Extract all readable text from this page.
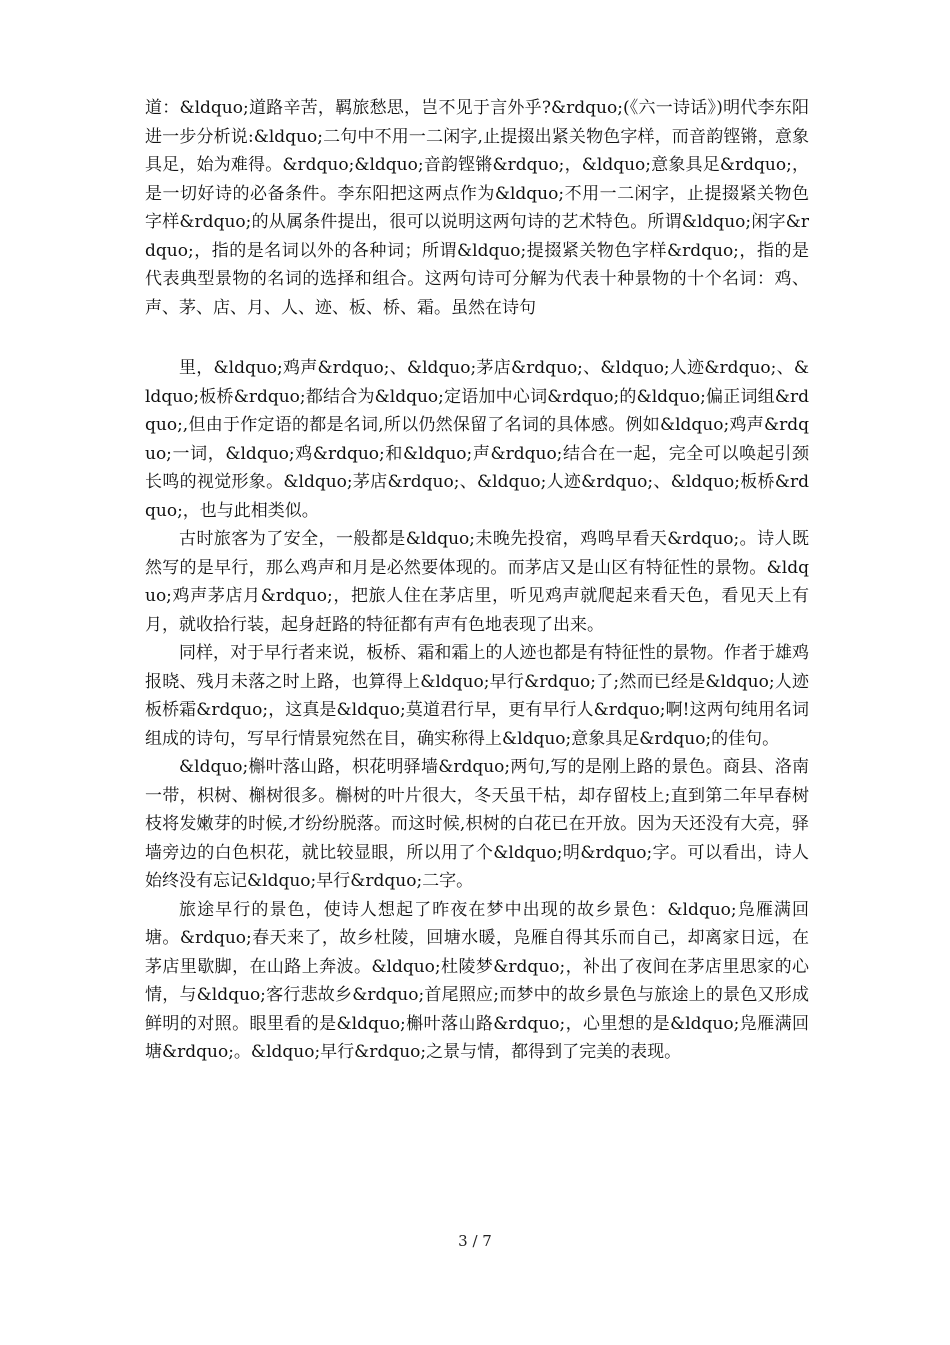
道：&ldquo;道路辛苦，羁旅愁思，岂不见于言外乎?&rdquo;(《六一诗话》)明代李东阳进一步分析说:&ldquo;二句中不用一二闲字,止提掇出紧关物色字样，而音韵铿锵，意象具足，始为难得。&rdquo;&ldquo;音韵铿锵&rdquo;，&ldquo;意象具足&rdquo;，是一切好诗的必备条件。李东阳把这两点作为&ldquo;不用一二闲字，止提掇紧关物色字样&rdquo;的从属条件提出，很可以说明这两句诗的艺术特色。所谓&ldquo;闲字&rdquo;，指的是名词以外的各种词；所谓&ldquo;提掇紧关物色字样&rdquo;，指的是代表典型景物的名词的选择和组合。这两句诗可分解为代表十种景物的十个名词：鸡、声、茅、店、月、人、迹、板、桥、霜。虽然在诗句

里，&ldquo;鸡声&rdquo;、&ldquo;茅店&rdquo;、&ldquo;人迹&rdquo;、&ldquo;板桥&rdquo;都结合为&ldquo;定语加中心词&rdquo;的&ldquo;偏正词组&rdquo;,但由于作定语的都是名词,所以仍然保留了名词的具体感。例如&ldquo;鸡声&rdquo;一词，&ldquo;鸡&rdquo;和&ldquo;声&rdquo;结合在一起，完全可以唤起引颈长鸣的视觉形象。&ldquo;茅店&rdquo;、&ldquo;人迹&rdquo;、&ldquo;板桥&rdquo;，也与此相类似。

古时旅客为了安全，一般都是&ldquo;未晚先投宿，鸡鸣早看天&rdquo;。诗人既然写的是早行，那么鸡声和月是必然要体现的。而茅店又是山区有特征性的景物。&ldquo;鸡声茅店月&rdquo;，把旅人住在茅店里，听见鸡声就爬起来看天色，看见天上有月，就收拾行装，起身赶路的特征都有声有色地表现了出来。

同样，对于早行者来说，板桥、霜和霜上的人迹也都是有特征性的景物。作者于雄鸡报晓、残月未落之时上路，也算得上&ldquo;早行&rdquo;了;然而已经是&ldquo;人迹板桥霜&rdquo;，这真是&ldquo;莫道君行早，更有早行人&rdquo;啊!这两句纯用名词组成的诗句，写早行情景宛然在目，确实称得上&ldquo;意象具足&rdquo;的佳句。

&ldquo;槲叶落山路，枳花明驿墙&rdquo;两句,写的是刚上路的景色。商县、洛南一带，枳树、槲树很多。槲树的叶片很大，冬天虽干枯，却存留枝上;直到第二年早春树枝将发嫩芽的时候,才纷纷脱落。而这时候,枳树的白花已在开放。因为天还没有大亮，驿墙旁边的白色枳花，就比较显眼，所以用了个&ldquo;明&rdquo;字。可以看出，诗人始终没有忘记&ldquo;早行&rdquo;二字。

旅途早行的景色，使诗人想起了昨夜在梦中出现的故乡景色：&ldquo;凫雁满回塘。&rdquo;春天来了，故乡杜陵，回塘水暖，凫雁自得其乐而自己，却离家日远，在茅店里歇脚，在山路上奔波。&ldquo;杜陵梦&rdquo;，补出了夜间在茅店里思家的心情，与&ldquo;客行悲故乡&rdquo;首尾照应;而梦中的故乡景色与旅途上的景色又形成鲜明的对照。眼里看的是&ldquo;槲叶落山路&rdquo;，心里想的是&ldquo;凫雁满回塘&rdquo;。&ldquo;早行&rdquo;之景与情，都得到了完美的表现。

3 / 7
